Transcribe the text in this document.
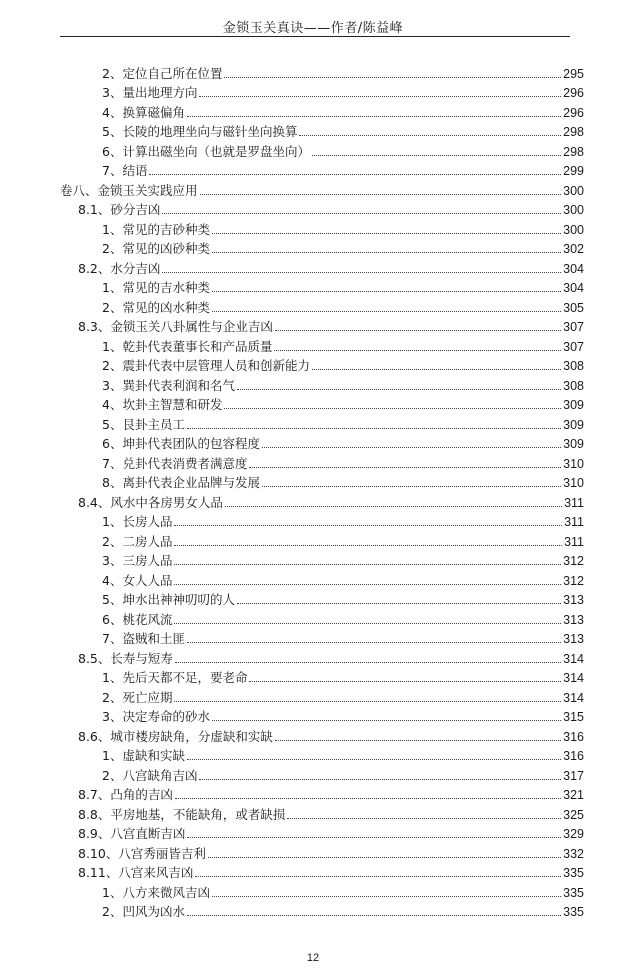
金锁玉关真诀——作者/陈益峰
2、定位自己所在位置	295
3、量出地理方向	296
4、换算磁偏角	296
5、长陵的地理坐向与磁针坐向换算	298
6、计算出磁坐向（也就是罗盘坐向）	298
7、结语	299
卷八、金锁玉关实践应用	300
8.1、砂分吉凶	300
1、常见的吉砂种类	300
2、常见的凶砂种类	302
8.2、水分吉凶	304
1、常见的吉水种类	304
2、常见的凶水种类	305
8.3、金锁玉关八卦属性与企业吉凶	307
1、乾卦代表董事长和产品质量	307
2、震卦代表中层管理人员和创新能力	308
3、巽卦代表利润和名气	308
4、坎卦主智慧和研发	309
5、艮卦主员工	309
6、坤卦代表团队的包容程度	309
7、兑卦代表消费者满意度	310
8、离卦代表企业品牌与发展	310
8.4、风水中各房男女人品	311
1、长房人品	311
2、二房人品	311
3、三房人品	312
4、女人人品	312
5、坤水出神神叨叨的人	313
6、桃花风流	313
7、盗贼和土匪	313
8.5、长寿与短寿	314
1、先后天都不足，要老命	314
2、死亡应期	314
3、决定寿命的砂水	315
8.6、城市楼房缺角，分虚缺和实缺	316
1、虚缺和实缺	316
2、八宫缺角吉凶	317
8.7、凸角的吉凶	321
8.8、平房地基，不能缺角，或者缺损	325
8.9、八宫直断吉凶	329
8.10、八宫秀丽皆吉利	332
8.11、八宫来风吉凶	335
1、八方来微风吉凶	335
2、凹风为凶水	335
12
